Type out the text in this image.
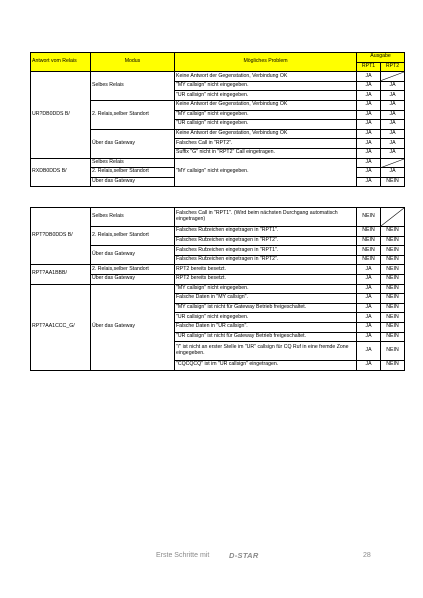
Antwort vom Relais	Modus	Mögliches Problem	Ausgabe	
			RPT1	RPT2
UR?DB0DDS B/	Selbes Relais	Keine Antwort der Gegenstation, Verbindung OK	JA	

		"MY callsign" nicht eingegeben.	JA	JA
		"UR callsign" nicht eingegeben.	JA	JA
	2. Relais,selber Standort	Keine Antwort der Gegenstation, Verbindung OK	JA	JA
		"MY callsign" nicht eingegeben.	JA	JA
		"UR callsign" nicht eingegeben.	JA	JA
	Über das Gateway	Keine Antwort der Gegenstation, Verbindung OK	JA	JA
		Falsches Call in "RPT2".	JA	JA
		Suffix "G" nicht in "RPT2" Call eingetragen.	JA	JA
RXDB0DDS B/	Selbes Relais	"MY callsign" nicht eingegeben.	JA	

	2. Relais,selber Standort		JA	JA
	Über das Gateway		JA	NEIN
RPT?DB0DDS B/	Selbes Relais	Falsches Call in "RPT1". (Wird beim nächsten Durchgang automatisch eingetragen)	NEIN	

	2. Relais,selber Standort	Falsches Rufzeichen eingetragen in "RPT1".	NEIN	NEIN
		Falsches Rufzeichen eingetragen in "RPT2".	NEIN	NEIN
	Über das Gateway	Falsches Rufzeichen eingetragen in "RPT1".	NEIN	NEIN
		Falsches Rufzeichen eingetragen in "RPT2".	NEIN	NEIN
RPT?AA1BBB/	2. Relais,selber Standort	RPT2 bereits besetzt.	JA	NEIN
	Über das Gateway	RPT2 bereits besetzt.	JA	NEIN
RPT?AA1CCC_G/	Über das Gateway	"MY callsign" nicht eingegeben.	JA	NEIN
		Falsche Daten in "MY callsign".	JA	NEIN
		"MY callsign" ist nicht für Gateway Betrieb freigeschaltet.	JA	NEIN
		"UR callsign" nicht eingegeben.	JA	NEIN
		Falsche Daten in "UR callsign".	JA	NEIN
		"UR callsign" ist nicht für Gateway Betrieb freigeschaltet.	JA	NEIN
		"/" ist nicht an erster Stelle im "UR" callsign für CQ Ruf in eine fremde Zone eingegeben.	JA	NEIN
		"CQCQCQ" ist im "UR callsign" eingetragen.	JA	NEIN
Erste Schritte mit	D-STAR	28
